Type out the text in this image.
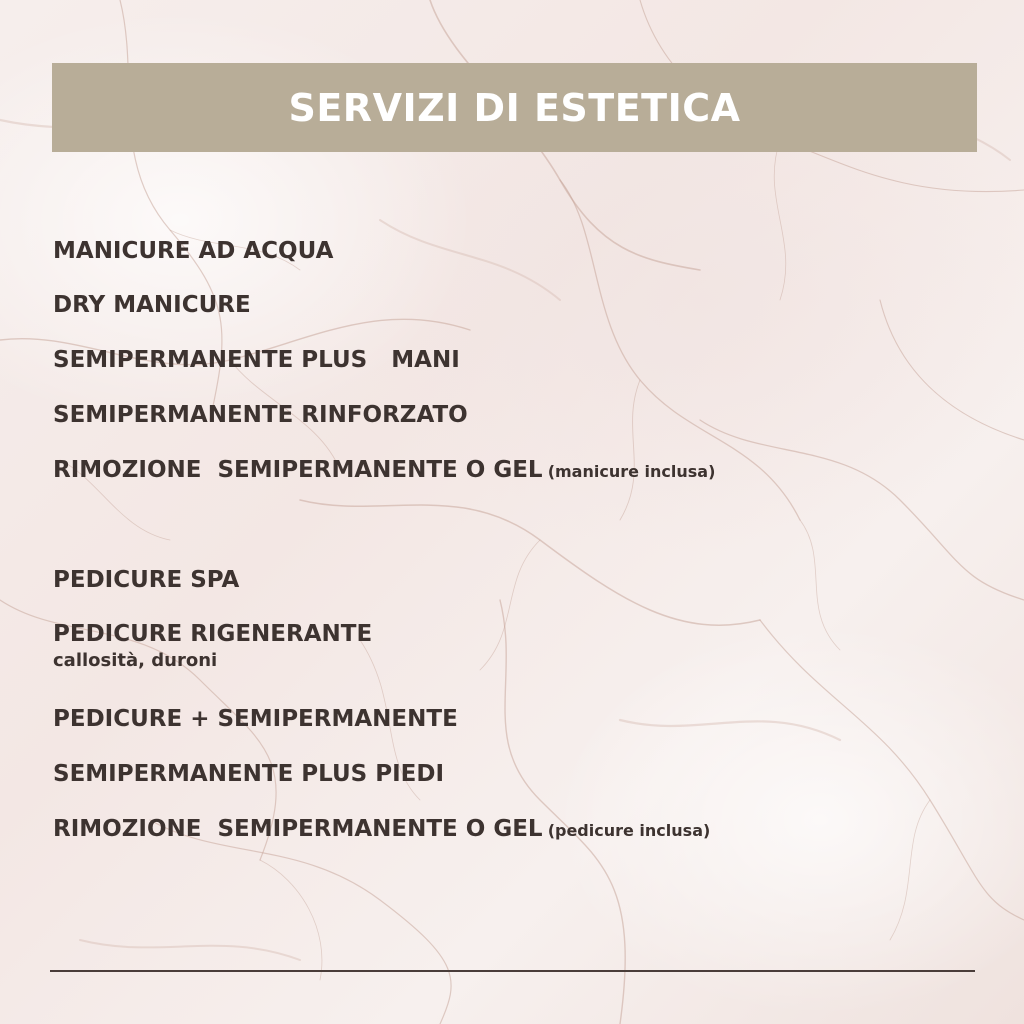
SERVIZI DI ESTETICA
MANICURE AD ACQUA
DRY MANICURE
SEMIPERMANENTE PLUS   MANI
SEMIPERMANENTE RINFORZATO
RIMOZIONE  SEMIPERMANENTE O GEL (manicure inclusa)
PEDICURE SPA
PEDICURE RIGENERANTE
callosità, duroni
PEDICURE + SEMIPERMANENTE
SEMIPERMANENTE PLUS PIEDI
RIMOZIONE  SEMIPERMANENTE O GEL (pedicure inclusa)
